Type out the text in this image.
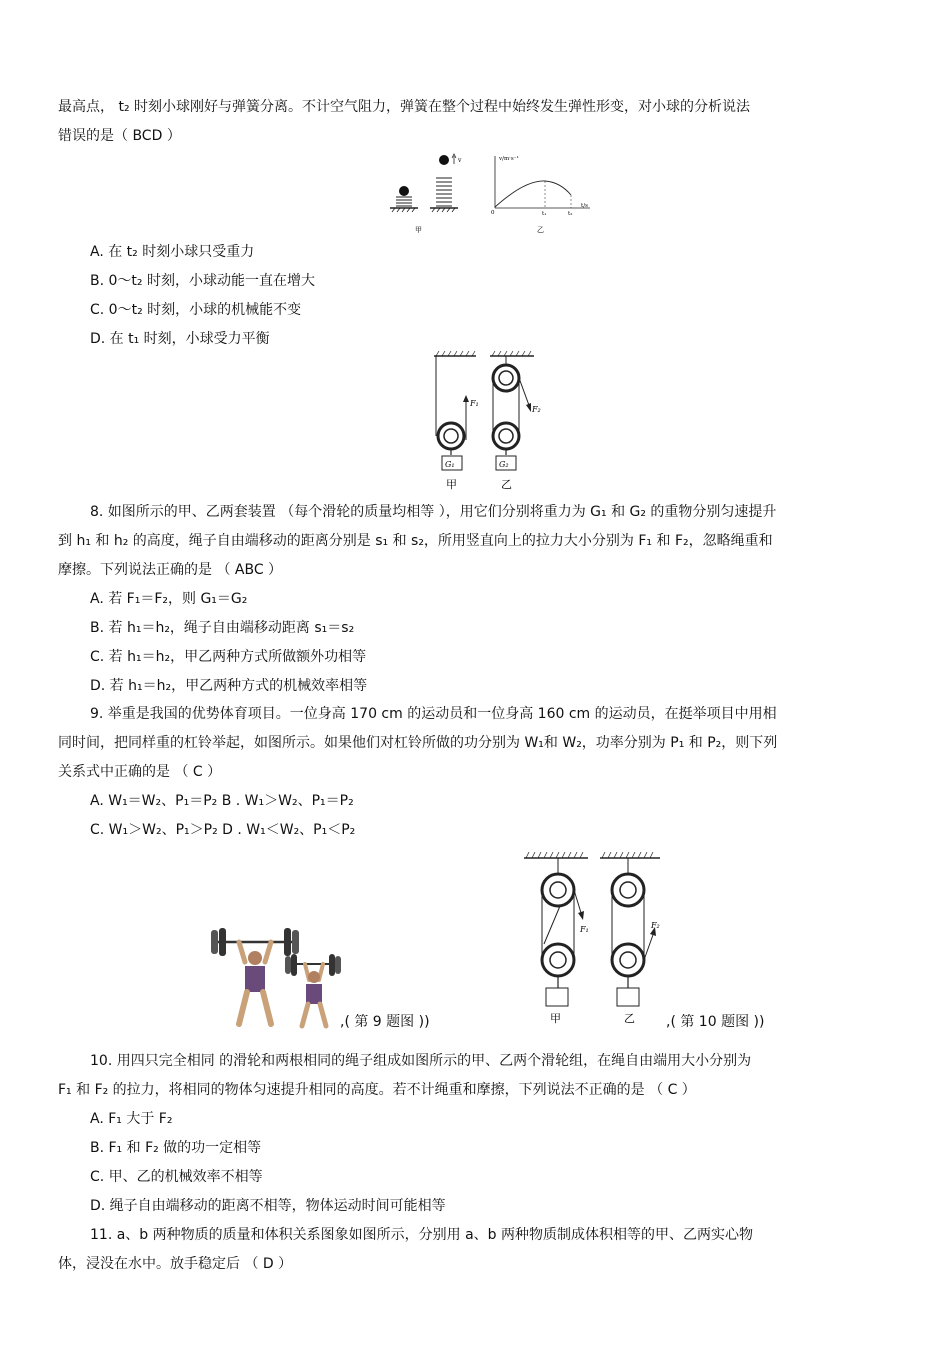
最高点， t₂ 时刻小球刚好与弹簧分离。不计空气阻力，弹簧在整个过程中始终发生弹性形变，对小球的分析说法
错误的是（ BCD ）
v	v/m·s⁻¹
t/s
0	t₁	t₂
甲	乙
A. 在 t₂ 时刻小球只受重力
B. 0～t₂ 时刻，小球动能一直在增大
C. 0～t₂ 时刻，小球的机械能不变
D. 在 t₁ 时刻，小球受力平衡
G₁
F₁
甲
G₂
F₂
乙
8. 如图所示的甲、乙两套装置 （每个滑轮的质量均相等 ），用它们分别将重力为 G₁ 和 G₂ 的重物分别匀速提升
到 h₁ 和 h₂ 的高度，绳子自由端移动的距离分别是 s₁ 和 s₂，所用竖直向上的拉力大小分别为 F₁ 和 F₂，忽略绳重和
摩擦。下列说法正确的是 （ ABC ）
A. 若 F₁＝F₂，则 G₁＝G₂
B. 若 h₁＝h₂，绳子自由端移动距离 s₁＝s₂
C. 若 h₁＝h₂，甲乙两种方式所做额外功相等
D. 若 h₁＝h₂，甲乙两种方式的机械效率相等
9. 举重是我国的优势体育项目。一位身高 170 cm 的运动员和一位身高 160 cm 的运动员，在挺举项目中用相
同时间，把同样重的杠铃举起，如图所示。如果他们对杠铃所做的功分别为 W₁和 W₂，功率分别为 P₁ 和 P₂，则下列
关系式中正确的是 （ C ）
A. W₁＝W₂、P₁＝P₂ B . W₁＞W₂、P₁＝P₂
C. W₁＞W₂、P₁＞P₂ D . W₁＜W₂、P₁＜P₂
,( 第 9 题图 ))
F₁
甲
F₂
乙 ,( 第 10 题图 ))
10. 用四只完全相同 的滑轮和两根相同的绳子组成如图所示的甲、乙两个滑轮组，在绳自由端用大小分别为
F₁ 和 F₂ 的拉力，将相同的物体匀速提升相同的高度。若不计绳重和摩擦，下列说法不正确的是 （ C ）
A. F₁ 大于 F₂
B. F₁ 和 F₂ 做的功一定相等
C. 甲、乙的机械效率不相等
D. 绳子自由端移动的距离不相等，物体运动时间可能相等
11. a、b 两种物质的质量和体积关系图象如图所示，分别用 a、b 两种物质制成体积相等的甲、乙两实心物
体，浸没在水中。放手稳定后 （ D ）
